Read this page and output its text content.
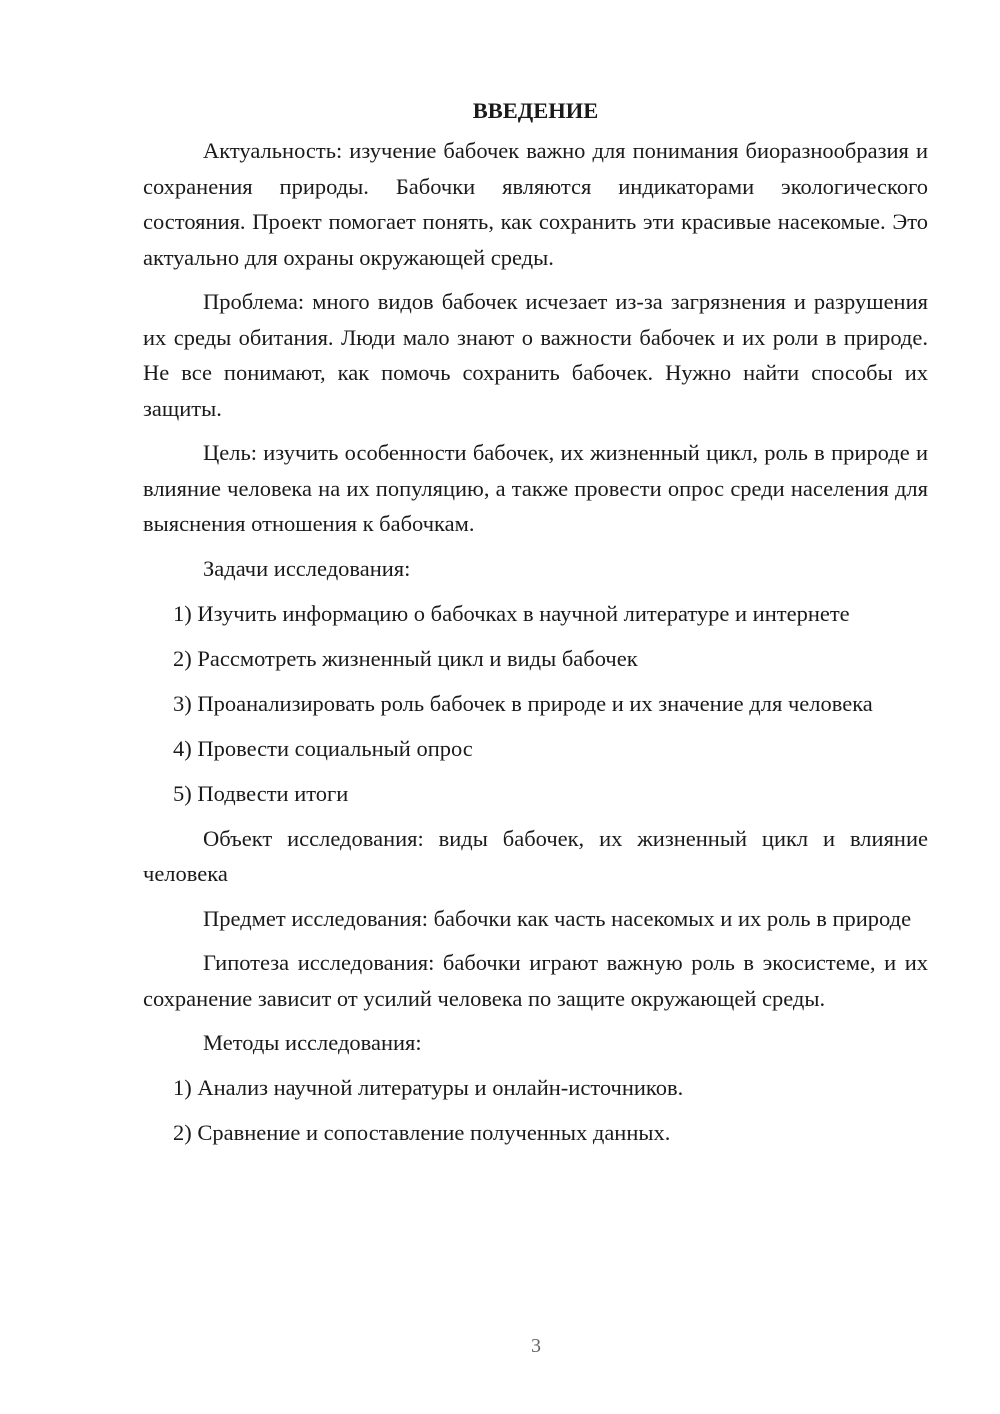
ВВЕДЕНИЕ

Актуальность: изучение бабочек важно для понимания биоразнообразия и сохранения природы. Бабочки являются индикаторами экологического состояния. Проект помогает понять, как сохранить эти красивые насекомые. Это актуально для охраны окружающей среды.

Проблема: много видов бабочек исчезает из-за загрязнения и разрушения их среды обитания. Люди мало знают о важности бабочек и их роли в природе. Не все понимают, как помочь сохранить бабочек. Нужно найти способы их защиты.

Цель: изучить особенности бабочек, их жизненный цикл, роль в природе и влияние человека на их популяцию, а также провести опрос среди населения для выяснения отношения к бабочкам.

Задачи исследования:

1) Изучить информацию о бабочках в научной литературе и интернете

2) Рассмотреть жизненный цикл и виды бабочек

3) Проанализировать роль бабочек в природе и их значение для человека

4) Провести социальный опрос

5) Подвести итоги

Объект исследования: виды бабочек, их жизненный цикл и влияние человека

Предмет исследования: бабочки как часть насекомых и их роль в природе

Гипотеза исследования: бабочки играют важную роль в экосистеме, и их сохранение зависит от усилий человека по защите окружающей среды.

Методы исследования:

1) Анализ научной литературы и онлайн-источников.

2) Сравнение и сопоставление полученных данных.

3
